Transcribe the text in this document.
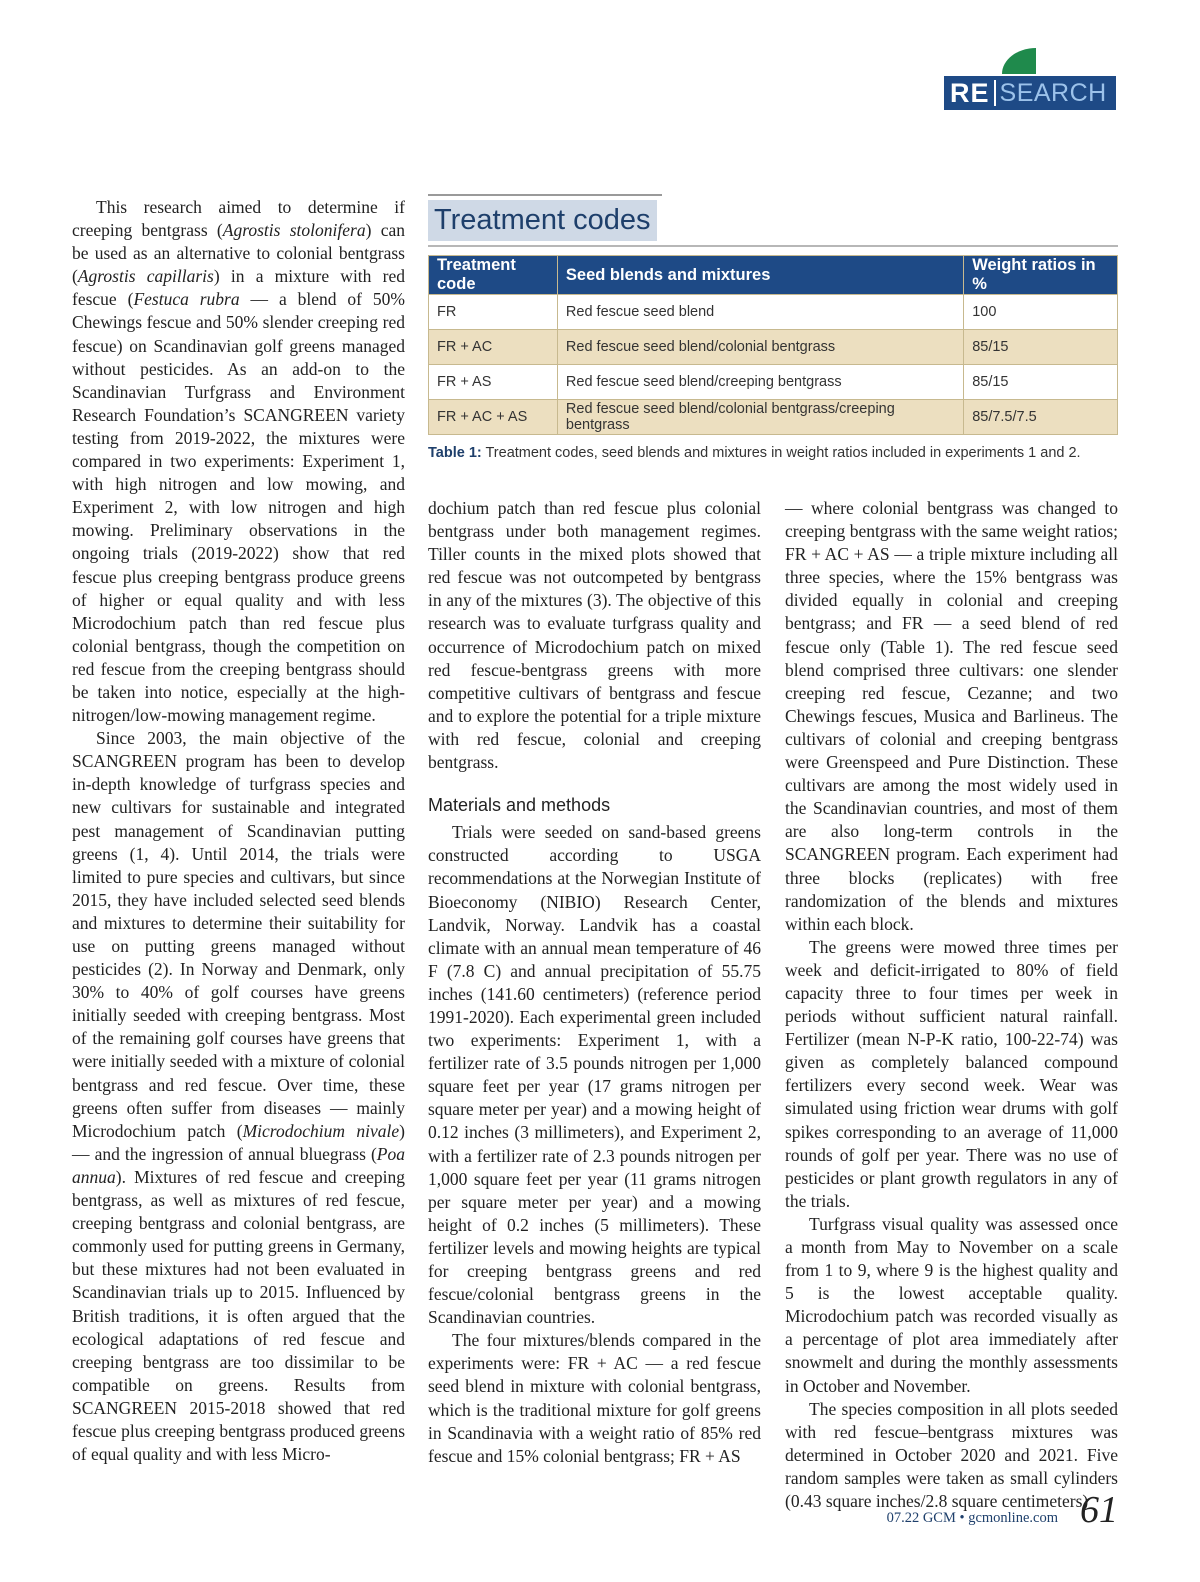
RE SEARCH

This research aimed to determine if creeping bentgrass (Agrostis stolonifera) can be used as an alternative to colonial bentgrass (Agrostis capillaris) in a mixture with red fescue (Festuca rubra — a blend of 50% Chewings fescue and 50% slender creeping red fescue) on Scandinavian golf greens managed without pesticides. As an add-on to the Scandinavian Turfgrass and Environment Research Foundation’s SCANGREEN variety testing from 2019-2022, the mixtures were compared in two experiments: Experiment 1, with high nitrogen and low mowing, and Experiment 2, with low nitrogen and high mowing. Preliminary observations in the ongoing trials (2019-2022) show that red fescue plus creeping bentgrass produce greens of higher or equal quality and with less Microdochium patch than red fescue plus colonial bentgrass, though the competition on red fescue from the creeping bentgrass should be taken into notice, especially at the high-nitrogen/low-mowing management regime.

Since 2003, the main objective of the SCANGREEN program has been to develop in-depth knowledge of turfgrass species and new cultivars for sustainable and integrated pest management of Scandinavian putting greens (1, 4). Until 2014, the trials were limited to pure species and cultivars, but since 2015, they have included selected seed blends and mixtures to determine their suitability for use on putting greens managed without pesticides (2). In Norway and Denmark, only 30% to 40% of golf courses have greens initially seeded with creeping bentgrass. Most of the remaining golf courses have greens that were initially seeded with a mixture of colonial bentgrass and red fescue. Over time, these greens often suffer from diseases — mainly Microdochium patch (Microdochium nivale) — and the ingression of annual bluegrass (Poa annua). Mixtures of red fescue and creeping bentgrass, as well as mixtures of red fescue, creeping bentgrass and colonial bentgrass, are commonly used for putting greens in Germany, but these mixtures had not been evaluated in Scandinavian trials up to 2015. Influenced by British traditions, it is often argued that the ecological adaptations of red fescue and creeping bentgrass are too dissimilar to be compatible on greens. Results from SCANGREEN 2015-2018 showed that red fescue plus creeping bentgrass produced greens of equal quality and with less Micro-

Treatment codes
Treatment code	Seed blends and mixtures	Weight ratios in %
FR	Red fescue seed blend	100
FR + AC	Red fescue seed blend/colonial bentgrass	85/15
FR + AS	Red fescue seed blend/creeping bentgrass	85/15
FR + AC + AS	Red fescue seed blend/colonial bentgrass/creeping bentgrass	85/7.5/7.5
Table 1: Treatment codes, seed blends and mixtures in weight ratios included in experiments 1 and 2.

dochium patch than red fescue plus colonial bentgrass under both management regimes. Tiller counts in the mixed plots showed that red fescue was not outcompeted by bentgrass in any of the mixtures (3). The objective of this research was to evaluate turfgrass quality and occurrence of Microdochium patch on mixed red fescue-bentgrass greens with more competitive cultivars of bentgrass and fescue and to explore the potential for a triple mixture with red fescue, colonial and creeping bentgrass.

Materials and methods

Trials were seeded on sand-based greens constructed according to USGA recommendations at the Norwegian Institute of Bioeconomy (NIBIO) Research Center, Landvik, Norway. Landvik has a coastal climate with an annual mean temperature of 46 F (7.8 C) and annual precipitation of 55.75 inches (141.60 centimeters) (reference period 1991-2020). Each experimental green included two experiments: Experiment 1, with a fertilizer rate of 3.5 pounds nitrogen per 1,000 square feet per year (17 grams nitrogen per square meter per year) and a mowing height of 0.12 inches (3 millimeters), and Experiment 2, with a fertilizer rate of 2.3 pounds nitrogen per 1,000 square feet per year (11 grams nitrogen per square meter per year) and a mowing height of 0.2 inches (5 millimeters). These fertilizer levels and mowing heights are typical for creeping bentgrass greens and red fescue/colonial bentgrass greens in the Scandinavian countries.

The four mixtures/blends compared in the experiments were: FR + AC — a red fescue seed blend in mixture with colonial bentgrass, which is the traditional mixture for golf greens in Scandinavia with a weight ratio of 85% red fescue and 15% colonial bentgrass; FR + AS

— where colonial bentgrass was changed to creeping bentgrass with the same weight ratios; FR + AC + AS — a triple mixture including all three species, where the 15% bentgrass was divided equally in colonial and creeping bentgrass; and FR — a seed blend of red fescue only (Table 1). The red fescue seed blend comprised three cultivars: one slender creeping red fescue, Cezanne; and two Chewings fescues, Musica and Barlineus. The cultivars of colonial and creeping bentgrass were Greenspeed and Pure Distinction. These cultivars are among the most widely used in the Scandinavian countries, and most of them are also long-term controls in the SCANGREEN program. Each experiment had three blocks (replicates) with free randomization of the blends and mixtures within each block.

The greens were mowed three times per week and deficit-irrigated to 80% of field capacity three to four times per week in periods without sufficient natural rainfall. Fertilizer (mean N-P-K ratio, 100-22-74) was given as completely balanced compound fertilizers every second week. Wear was simulated using friction wear drums with golf spikes corresponding to an average of 11,000 rounds of golf per year. There was no use of pesticides or plant growth regulators in any of the trials.

Turfgrass visual quality was assessed once a month from May to November on a scale from 1 to 9, where 9 is the highest quality and 5 is the lowest acceptable quality. Microdochium patch was recorded visually as a percentage of plot area immediately after snowmelt and during the monthly assessments in October and November.

The species composition in all plots seeded with red fescue–bentgrass mixtures was determined in October 2020 and 2021. Five random samples were taken as small cylinders (0.43 square inches/2.8 square centimeters)

07.22 GCM • gcmonline.com 61
